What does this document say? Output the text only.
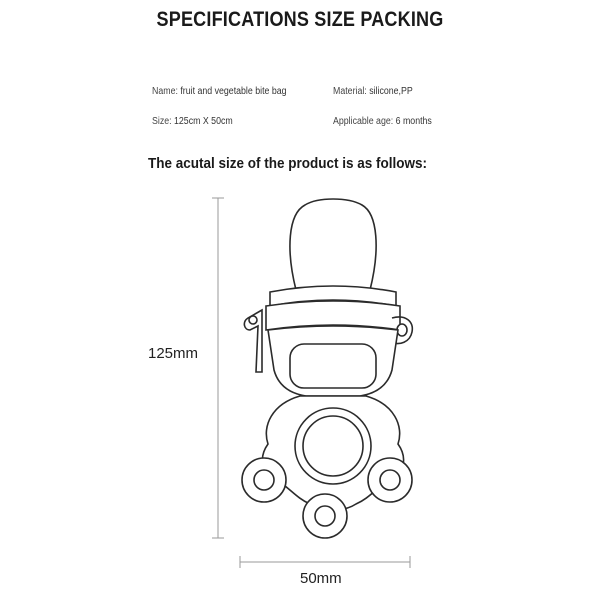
SPECIFICATIONS SIZE PACKING
Name: fruit and vegetable bite bag	Material: silicone,PP
Size: 125cm X 50cm	Applicable age: 6 months
The acutal size of the product is as follows:
125mm
50mm
